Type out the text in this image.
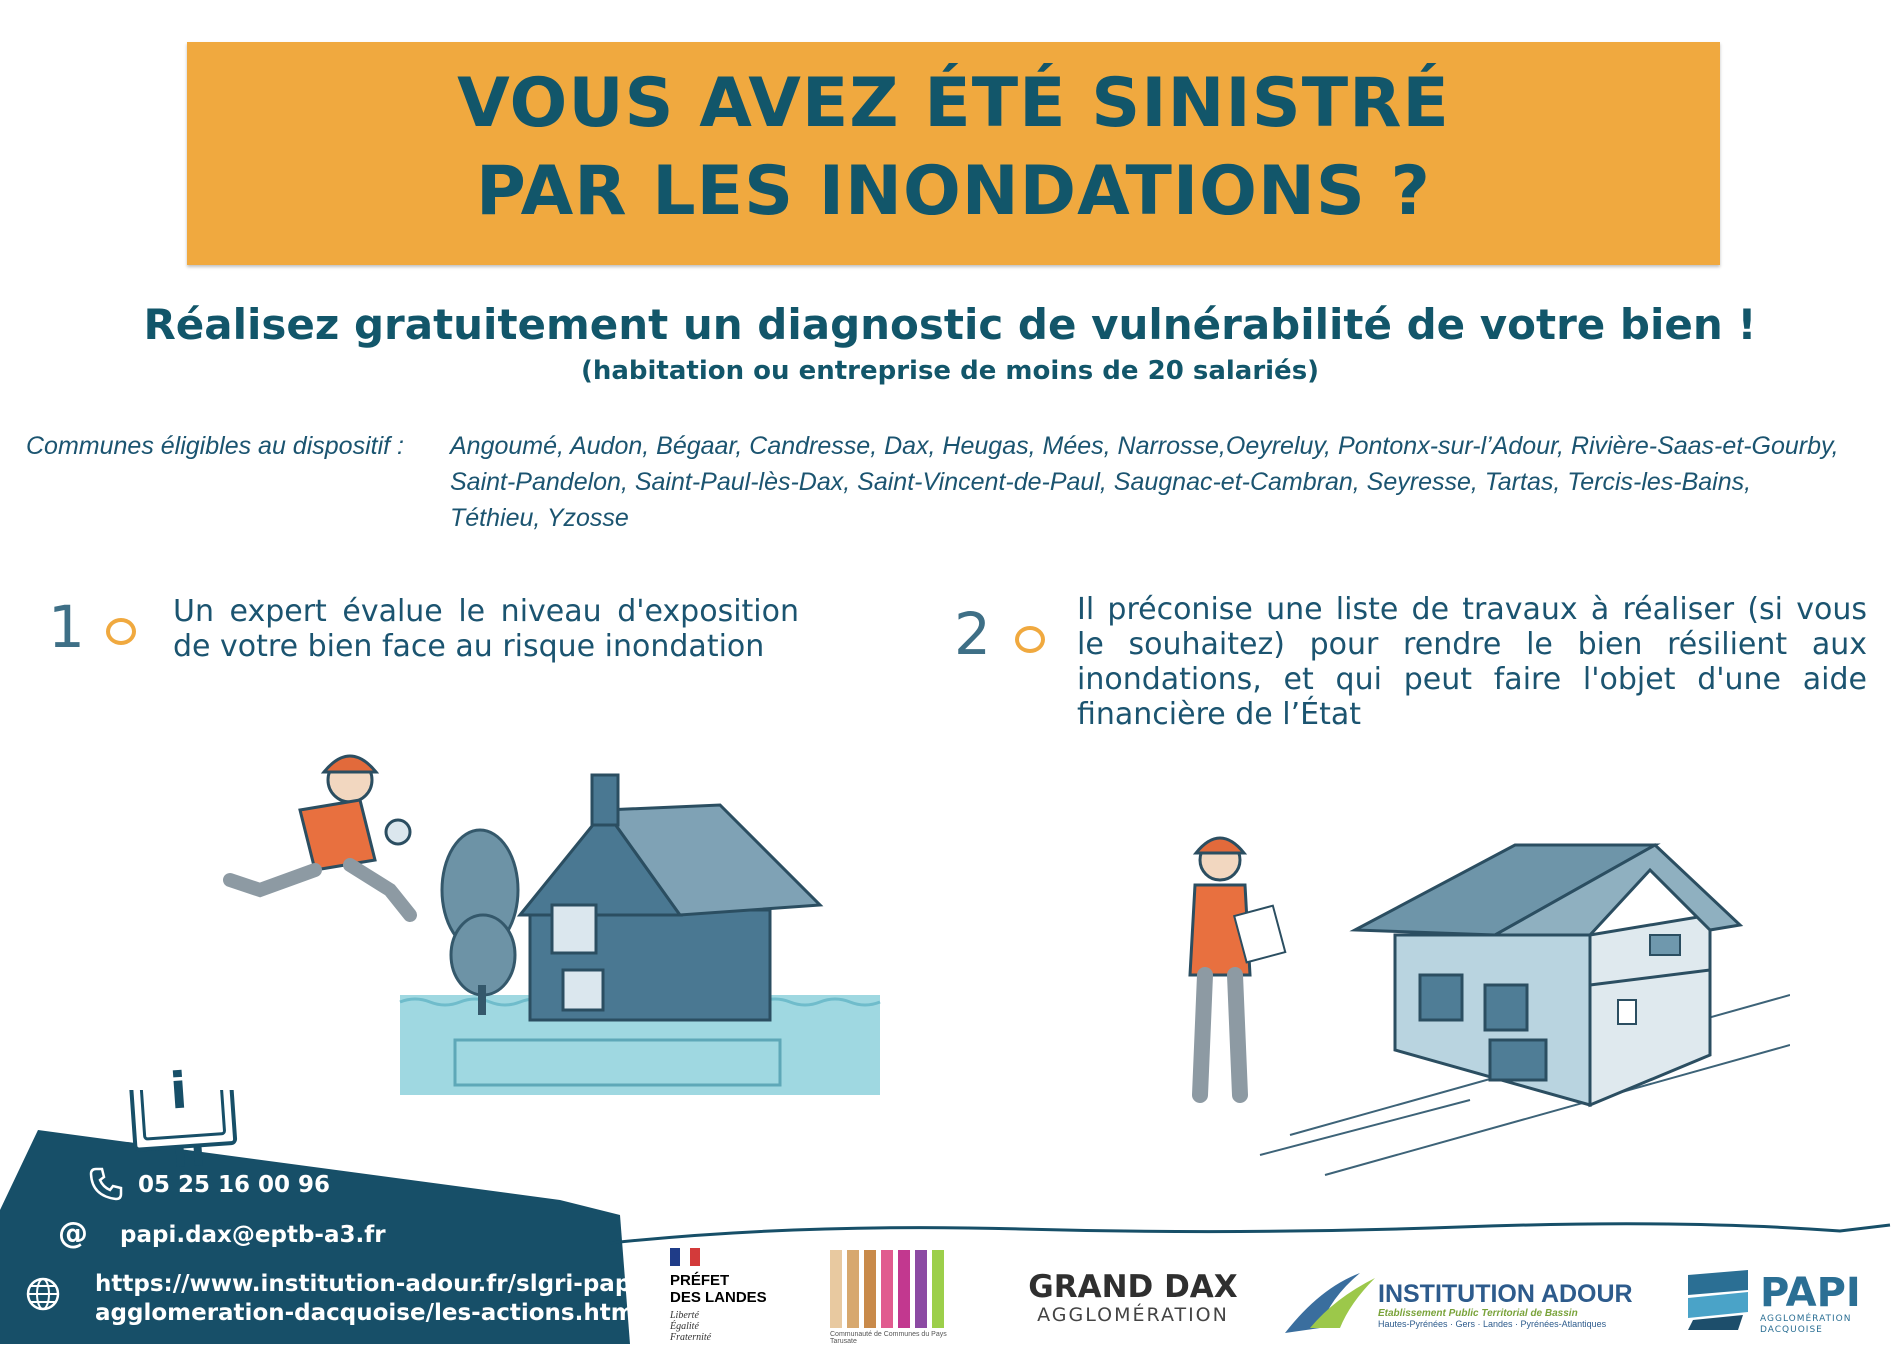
VOUS AVEZ ÉTÉ SINISTRÉ
PAR LES INONDATIONS ?
Réalisez gratuitement un diagnostic de vulnérabilité de votre bien !
(habitation ou entreprise de moins de 20 salariés)
Communes éligibles au dispositif : Angoumé, Audon, Bégaar, Candresse, Dax, Heugas, Mées, Narrosse,Oeyreluy, Pontonx-sur-l’Adour, Rivière-Saas-et-Gourby, Saint-Pandelon, Saint-Paul-lès-Dax, Saint-Vincent-de-Paul, Saugnac-et-Cambran, Seyresse, Tartas, Tercis-les-Bains, Téthieu, Yzosse
1	Un expert évalue le niveau d'exposition de votre bien face au risque inondation	2	Il préconise une liste de travaux à réaliser (si vous le souhaitez) pour rendre le bien résilient aux inondations, et qui peut faire l'objet d'une aide financière de l’État
i
05 25 16 00 96
@ papi.dax@eptb-a3.fr
https://www.institution-adour.fr/slgri-papi-
agglomeration-dacquoise/les-actions.html
PRÉFET
DES LANDES
Liberté
Égalité
Fraternité	Communauté de Communes du Pays Tarusate
GRAND DAX
AGGLOMÉRATION
INSTITUTION ADOUR
Etablissement Public Territorial de Bassin
Hautes-Pyrénées · Gers · Landes · Pyrénées-Atlantiques
PAPI
AGGLOMÉRATION
DACQUOISE
